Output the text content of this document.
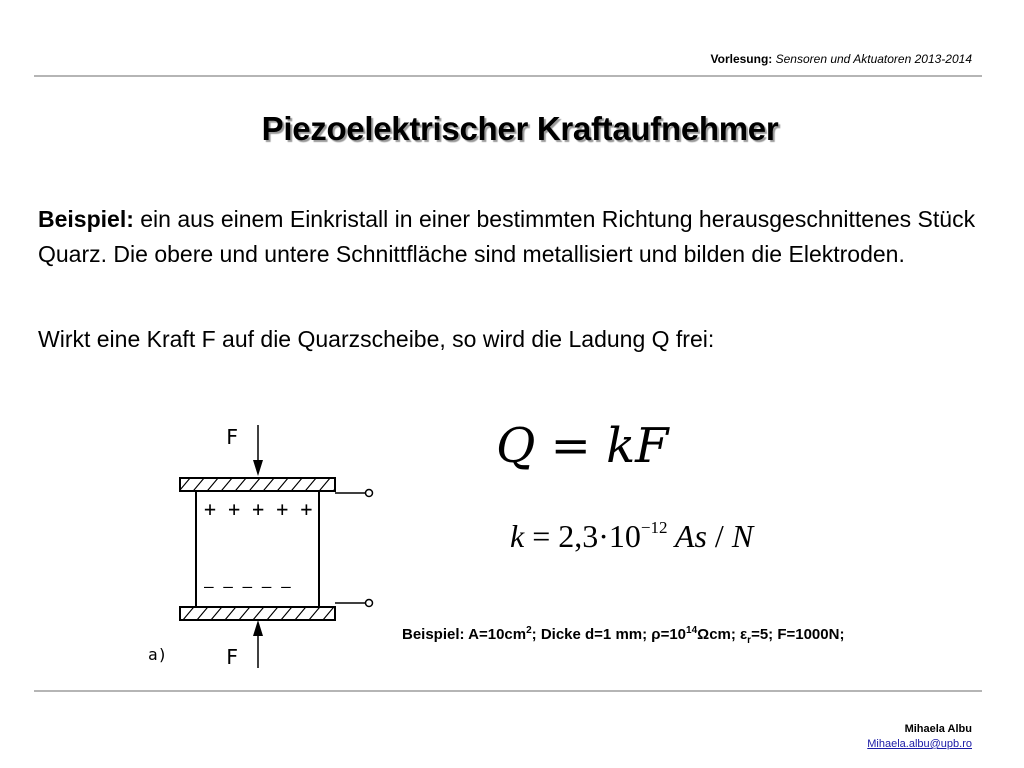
Vorlesung: Sensoren und Aktuatoren 2013-2014
Piezoelektrischer Kraftaufnehmer
Beispiel: ein aus einem Einkristall in einer bestimmten Richtung herausgeschnittenes Stück Quarz. Die obere und untere Schnittfläche sind metallisiert und bilden die Elektroden.
Wirkt eine Kraft F auf die Quarzscheibe, so wird die Ladung Q frei:
F
+ + + + +
– – – – –
F
a)
Q = kF
$k = 2,3\cdot 10^{-12}$ As / N
Beispiel: $A=10cm^2$; Dicke d=1 mm; $\rho=10^{14}\Omega cm$; $\varepsilon_r=5$; F=1000N;
Mihaela Albu
Mihaela.albu@upb.ro
